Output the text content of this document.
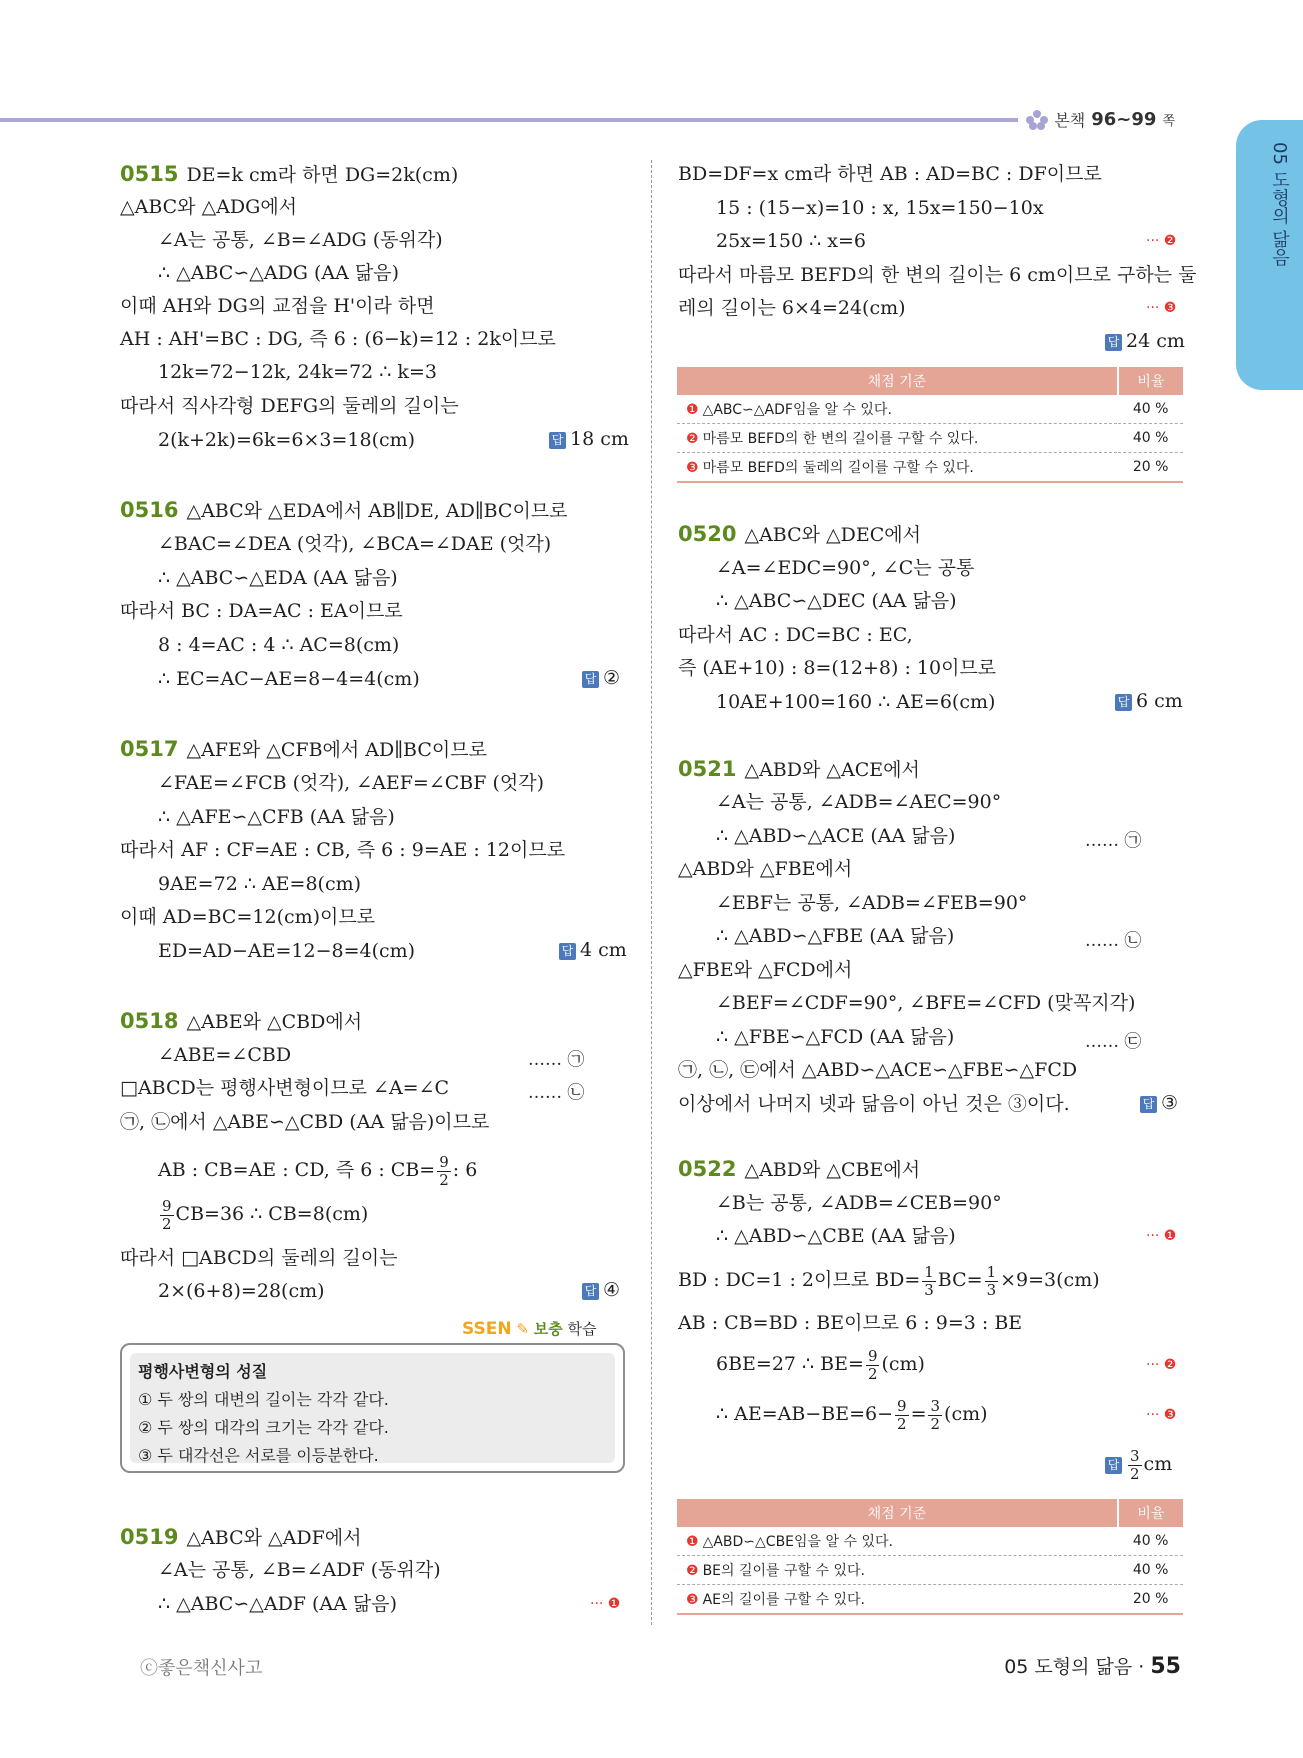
본책 96~99 쪽
05 도형의 닮음
0515 DE=k cm라 하면 DG=2k(cm)
△ABC와 △ADG에서
∠A는 공통, ∠B=∠ADG (동위각)
∴ △ABC∽△ADG (AA 닮음)
이때 AH와 DG의 교점을 H'이라 하면
AH : AH'=BC : DG, 즉 6 : (6−k)=12 : 2k이므로
12k=72−12k, 24k=72 ∴ k=3
따라서 직사각형 DEFG의 둘레의 길이는
2(k+2k)=6k=6×3=18(cm)	답 18 cm
0516 △ABC와 △EDA에서 AB∥DE, AD∥BC이므로
∠BAC=∠DEA (엇각), ∠BCA=∠DAE (엇각)
∴ △ABC∽△EDA (AA 닮음)
따라서 BC : DA=AC : EA이므로
8 : 4=AC : 4 ∴ AC=8(cm)
∴ EC=AC−AE=8−4=4(cm)	답 ②
0517 △AFE와 △CFB에서 AD∥BC이므로
∠FAE=∠FCB (엇각), ∠AEF=∠CBF (엇각)
∴ △AFE∽△CFB (AA 닮음)
따라서 AF : CF=AE : CB, 즉 6 : 9=AE : 12이므로
9AE=72 ∴ AE=8(cm)
이때 AD=BC=12(cm)이므로
ED=AD−AE=12−8=4(cm)	답 4 cm
0518 △ABE와 △CBD에서
∠ABE=∠CBD	…… ㉠
□ABCD는 평행사변형이므로 ∠A=∠C	…… ㉡
㉠, ㉡에서 △ABE∽△CBD (AA 닮음)이므로
AB : CB=AE : CD, 즉 6 : $CB= \frac{9}{2}$ : 6
$\frac{9}{2} CB=36$ ∴ CB=8(cm)
따라서 □ABCD의 둘레의 길이는
2×(6+8)=28(cm)	답 ④
SSEN ✎ 보충 학습
평행사변형의 성질
① 두 쌍의 대변의 길이는 각각 같다.
② 두 쌍의 대각의 크기는 각각 같다.
③ 두 대각선은 서로를 이등분한다.
0519 △ABC와 △ADF에서
∠A는 공통, ∠B=∠ADF (동위각)
∴ △ABC∽△ADF (AA 닮음)	··· ❶
BD=DF=x cm라 하면 AB : AD=BC : DF이므로
15 : (15−x)=10 : x, 15x=150−10x
25x=150 ∴ x=6	··· ❷
따라서 마름모 BEFD의 한 변의 길이는 6 cm이므로 구하는 둘
레의 길이는 6×4=24(cm)	··· ❸
답 24 cm
채점 기준	비율
❶ △ABC∽△ADF임을 알 수 있다.	40 %
❷ 마름모 BEFD의 한 변의 길이를 구할 수 있다.	40 %
❸ 마름모 BEFD의 둘레의 길이를 구할 수 있다.	20 %
0520 △ABC와 △DEC에서
∠A=∠EDC=90°, ∠C는 공통
∴ △ABC∽△DEC (AA 닮음)
따라서 AC : DC=BC : EC,
즉 (AE+10) : 8=(12+8) : 10이므로
10AE+100=160 ∴ AE=6(cm)	답 6 cm
0521 △ABD와 △ACE에서
∠A는 공통, ∠ADB=∠AEC=90°
∴ △ABD∽△ACE (AA 닮음)	…… ㉠
△ABD와 △FBE에서
∠EBF는 공통, ∠ADB=∠FEB=90°
∴ △ABD∽△FBE (AA 닮음)	…… ㉡
△FBE와 △FCD에서
∠BEF=∠CDF=90°, ∠BFE=∠CFD (맞꼭지각)
∴ △FBE∽△FCD (AA 닮음)	…… ㉢
㉠, ㉡, ㉢에서 △ABD∽△ACE∽△FBE∽△FCD
이상에서 나머지 넷과 닮음이 아닌 것은 ③이다.	답 ③
0522 △ABD와 △CBE에서
∠B는 공통, ∠ADB=∠CEB=90°
∴ △ABD∽△CBE (AA 닮음)	··· ❶
BD : DC=1 : 2이므로 $BD= \frac{1}{3} BC= \frac{1}{3} \times 9=3(cm)$
AB : CB=BD : BE이므로 6 : 9=3 : BE
6BE=27 ∴ $BE= \frac{9}{2} (cm)$	··· ❷
∴ $AE=AB-BE=6- \frac{9}{2} = \frac{3}{2} (cm)$	··· ❸
답 $\frac{3}{2}$ cm
채점 기준	비율
❶ △ABD∽△CBE임을 알 수 있다.	40 %
❷ BE의 길이를 구할 수 있다.	40 %
❸ AE의 길이를 구할 수 있다.	20 %
ⓒ좋은책신사고	05 도형의 닮음 · 55
